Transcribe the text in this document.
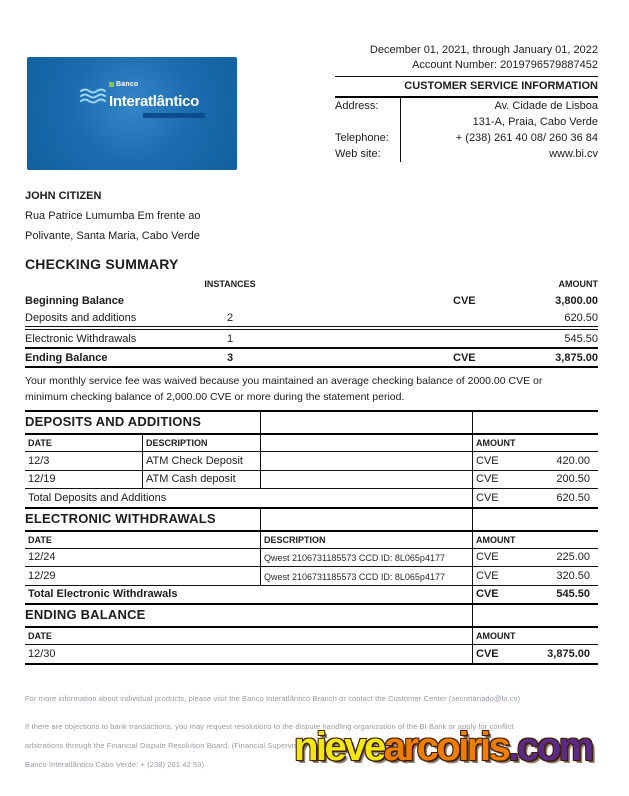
Banco
Interatlântico
December 01, 2021, through January 01, 2022
Account Number: 2019796579887452
CUSTOMER SERVICE INFORMATION
Address:	Av. Cidade de Lisboa
131-A, Praia, Cabo Verde
Telephone:	+ (238) 261 40 08/ 260 36 84
Web site:	www.bi.cv
JOHN CITIZEN
Rua Patrice Lumumba Em frente ao
Polivante, Santa Maria, Cabo Verde
CHECKING SUMMARY
INSTANCES	AMOUNT
Beginning Balance	CVE	3,800.00
Deposits and additions	2	620.50
Electronic Withdrawals	1	545.50
Ending Balance	3	CVE	3,875.00
Your monthly service fee was waived because you maintained an average checking balance of 2000.00 CVE or
minimum checking balance of 2,000.00 CVE or more during the statement period.
DEPOSITS AND ADDITIONS
DATE	DESCRIPTION	AMOUNT
12/3	ATM Check Deposit	CVE	420.00
12/19	ATM Cash deposit	CVE	200.50
Total Deposits and Additions	CVE	620.50
ELECTRONIC WITHDRAWALS
DATE	DESCRIPTION	AMOUNT
12/24	Qwest 2106731185573 CCD ID: 8L065p4177	CVE	225.00
12/29	Qwest 2106731185573 CCD ID: 8L065p4177	CVE	320.50
Total Electronic Withdrawals	CVE	545.50
ENDING BALANCE
DATE	AMOUNT
12/30	CVE	3,875.00
For more information about individual products, please visit the Banco Interatlântico Branch or contact the Customer Center (secretariado@bi.cv)
If there are objections to bank transactions, you may request resolutions to the dispute handling organization of the BI Bank or apply for conflict
arbitrations through the Financial Dispute Resolution Board. (Financial Supervisory
Banco Interatlântico Cabo Verde: + (238) 261 42 53)	nievearcoiris.com
